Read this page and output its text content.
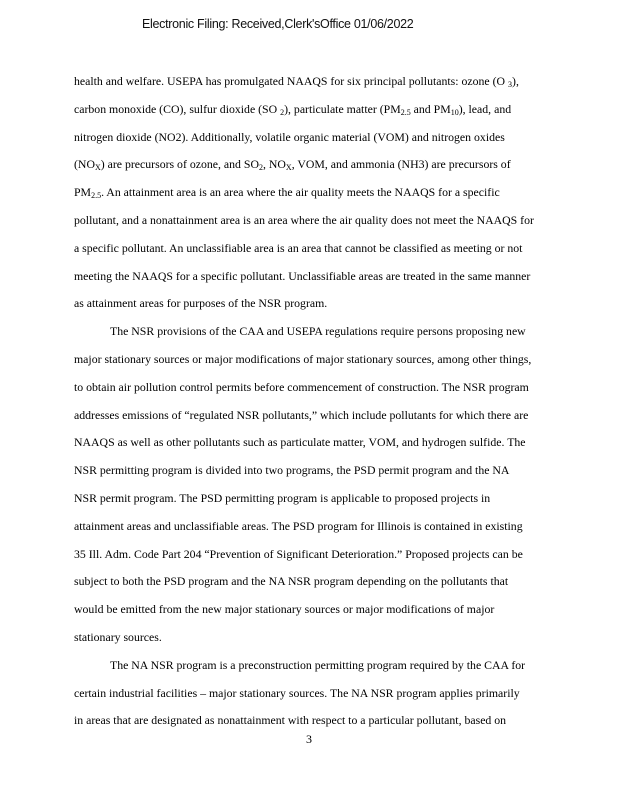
Electronic Filing: Received,Clerk'sOffice 01/06/2022
health and welfare. USEPA has promulgated NAAQS for six principal pollutants: ozone (O $_3$),
carbon monoxide (CO), sulfur dioxide (SO $_2$), particulate matter ($PM_{2.5}$ and $PM_{10}$), lead, and
nitrogen dioxide (NO2). Additionally, volatile organic material (VOM) and nitrogen oxides
$(NO_X)$ are precursors of ozone, and $SO_2$, $NO_X$, VOM, and ammonia (NH3) are precursors of
$PM_{2.5}$. An attainment area is an area where the air quality meets the NAAQS for a specific
pollutant, and a nonattainment area is an area where the air quality does not meet the NAAQS for
a specific pollutant. An unclassifiable area is an area that cannot be classified as meeting or not
meeting the NAAQS for a specific pollutant. Unclassifiable areas are treated in the same manner
as attainment areas for purposes of the NSR program.
The NSR provisions of the CAA and USEPA regulations require persons proposing new
major stationary sources or major modifications of major stationary sources, among other things,
to obtain air pollution control permits before commencement of construction. The NSR program
addresses emissions of “regulated NSR pollutants,” which include pollutants for which there are
NAAQS as well as other pollutants such as particulate matter, VOM, and hydrogen sulfide. The
NSR permitting program is divided into two programs, the PSD permit program and the NA
NSR permit program. The PSD permitting program is applicable to proposed projects in
attainment areas and unclassifiable areas. The PSD program for Illinois is contained in existing
35 Ill. Adm. Code Part 204 “Prevention of Significant Deterioration.” Proposed projects can be
subject to both the PSD program and the NA NSR program depending on the pollutants that
would be emitted from the new major stationary sources or major modifications of major
stationary sources.
The NA NSR program is a preconstruction permitting program required by the CAA for
certain industrial facilities – major stationary sources. The NA NSR program applies primarily
in areas that are designated as nonattainment with respect to a particular pollutant, based on
3
